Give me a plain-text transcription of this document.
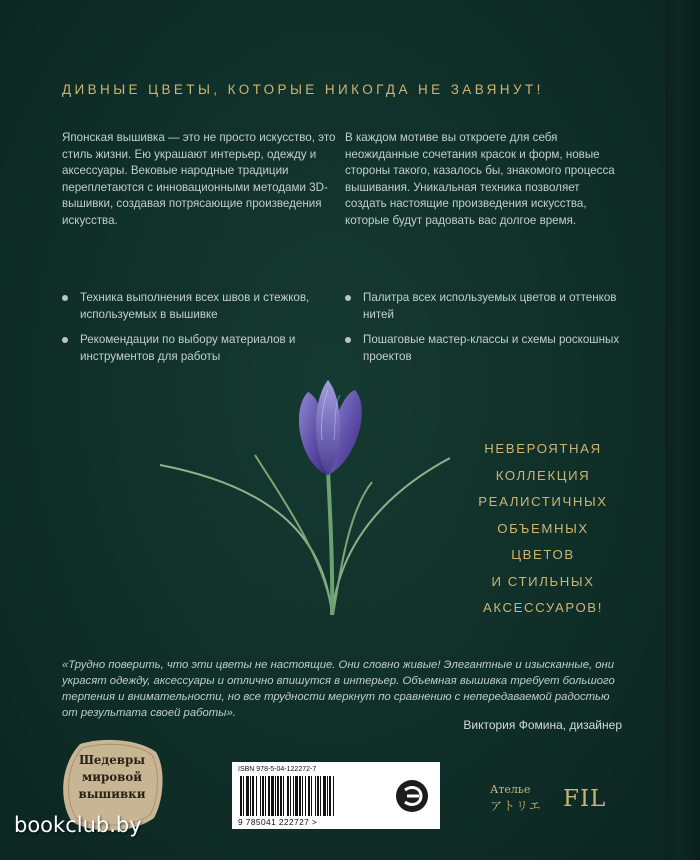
ДИВНЫЕ ЦВЕТЫ, КОТОРЫЕ НИКОГДА НЕ ЗАВЯНУТ!
Японская вышивка — это не просто искусство, это стиль жизни. Ею украшают интерьер, одежду и аксессуары. Вековые народные традиции переплетаются с инновационными методами 3D-вышивки, создавая потрясающие произведения искусства.
В каждом мотиве вы откроете для себя неожиданные сочетания красок и форм, новые стороны такого, казалось бы, знакомого процесса вышивания. Уникальная техника позволяет создать настоящие произведения искусства, которые будут радовать вас долгое время.
Техника выполнения всех швов и стежков, используемых в вышивке
Рекомендации по выбору материалов и инструментов для работы
Палитра всех используемых цветов и оттенков нитей
Пошаговые мастер-классы и схемы роскошных проектов
НЕВЕРОЯТНАЯ
КОЛЛЕКЦИЯ
РЕАЛИСТИЧНЫХ
ОБЪЕМНЫХ
ЦВЕТОВ
И СТИЛЬНЫХ
АКСЕССУАРОВ!
«Трудно поверить, что эти цветы не настоящие. Они словно живые! Элегантные и изысканные, они украсят одежду, аксессуары и отлично впишутся в интерьер. Объемная вышивка требует большого терпения и внимательности, но все трудности меркнут по сравнению с непередаваемой радостью от результата своей работы».
Виктория Фомина, дизайнер
Шедевры
мировой
вышивки
ISBN 978-5-04-122272-7
9 785041 222727 >
Ателье
アトリエ FIL
bookclub.by
